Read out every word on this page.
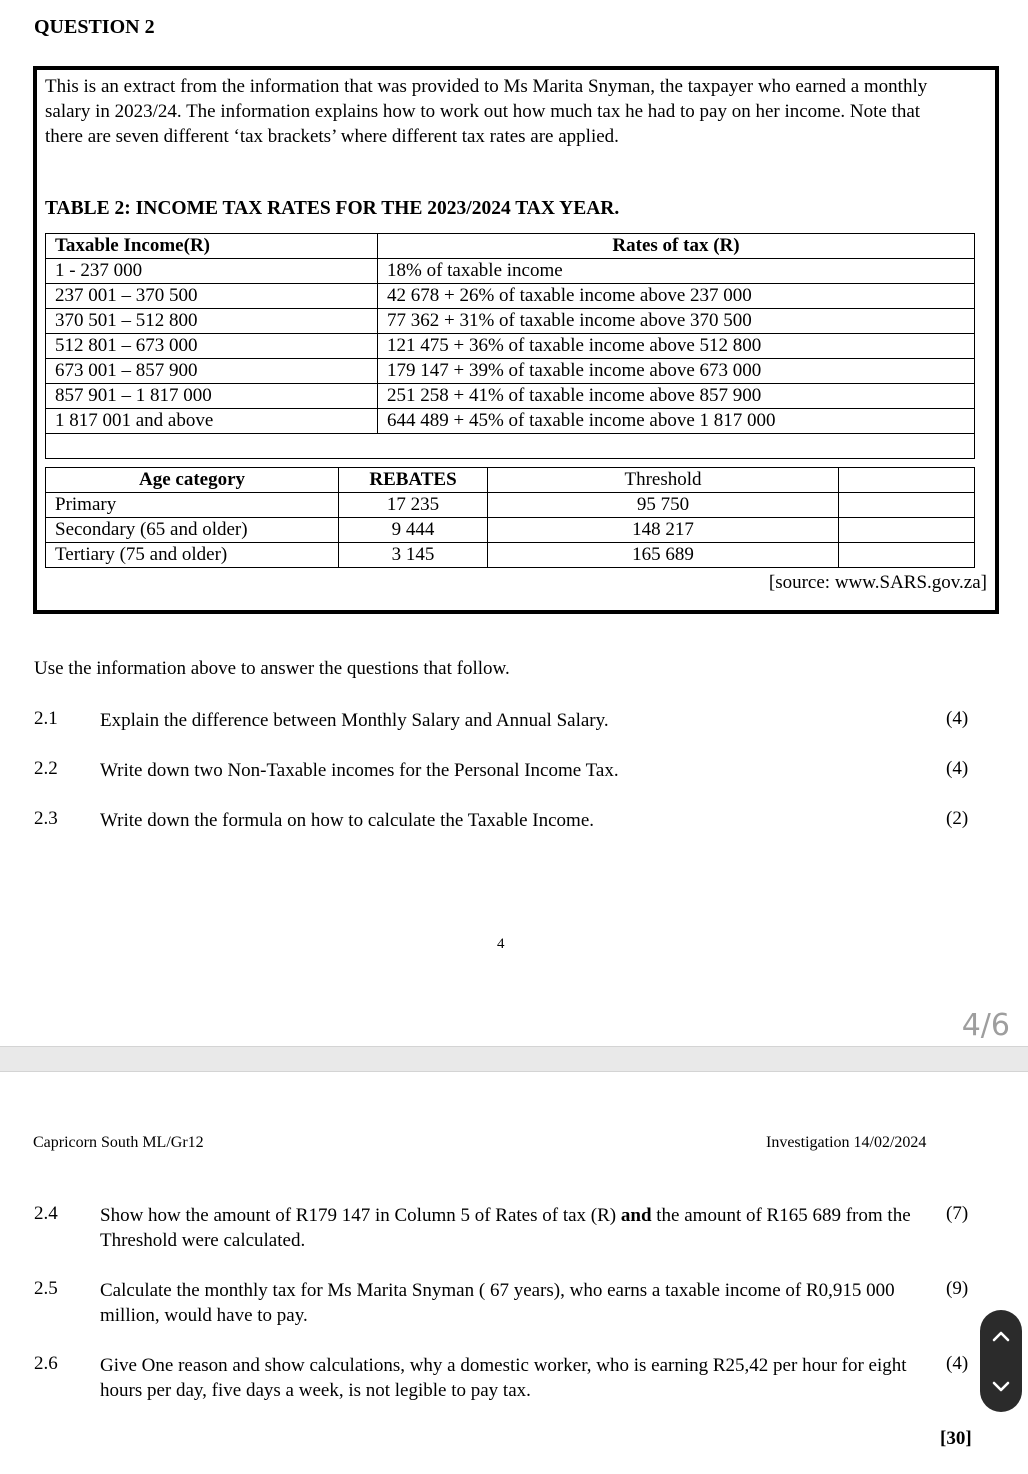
QUESTION 2
This is an extract from the information that was provided to Ms Marita Snyman, the taxpayer who earned a monthly salary in 2023/24. The information explains how to work out how much tax he had to pay on her income. Note that there are seven different ‘tax brackets’ where different tax rates are applied.
TABLE 2: INCOME TAX RATES FOR THE 2023/2024 TAX YEAR.
Taxable Income(R)	Rates of tax (R)
1 - 237 000	18% of taxable income
237 001 – 370 500	42 678 + 26% of taxable income above 237 000
370 501 – 512 800	77 362 + 31% of taxable income above 370 500
512 801 – 673 000	121 475 + 36% of taxable income above 512 800
673 001 – 857 900	179 147 + 39% of taxable income above 673 000
857 901 – 1 817 000	251 258 + 41% of taxable income above 857 900
1 817 001 and above	644 489 + 45% of taxable income above 1 817 000

Age category	REBATES	Threshold	
Primary	17 235	95 750	
Secondary (65 and older)	9 444	148 217	
Tertiary (75 and older)	3 145	165 689	
[source: www.SARS.gov.za]
Use the information above to answer the questions that follow.
2.1 Explain the difference between Monthly Salary and Annual Salary.	(4)
2.2 Write down two Non-Taxable incomes for the Personal Income Tax.	(4)
2.3 Write down the formula on how to calculate the Taxable Income.	(2)
4
4/6
Capricorn South ML/Gr12	Investigation 14/02/2024
2.4 Show how the amount of R179 147 in Column 5 of Rates of tax (R) and the amount of R165 689 from the Threshold were calculated.
(7)
2.5 Calculate the monthly tax for Ms Marita Snyman ( 67 years), who earns a taxable income of R0,915 000 million, would have to pay.
(9)
2.6 Give One reason and show calculations, why a domestic worker, who is earning R25,42 per hour for eight hours per day, five days a week, is not legible to pay tax.
(4)
[30]
